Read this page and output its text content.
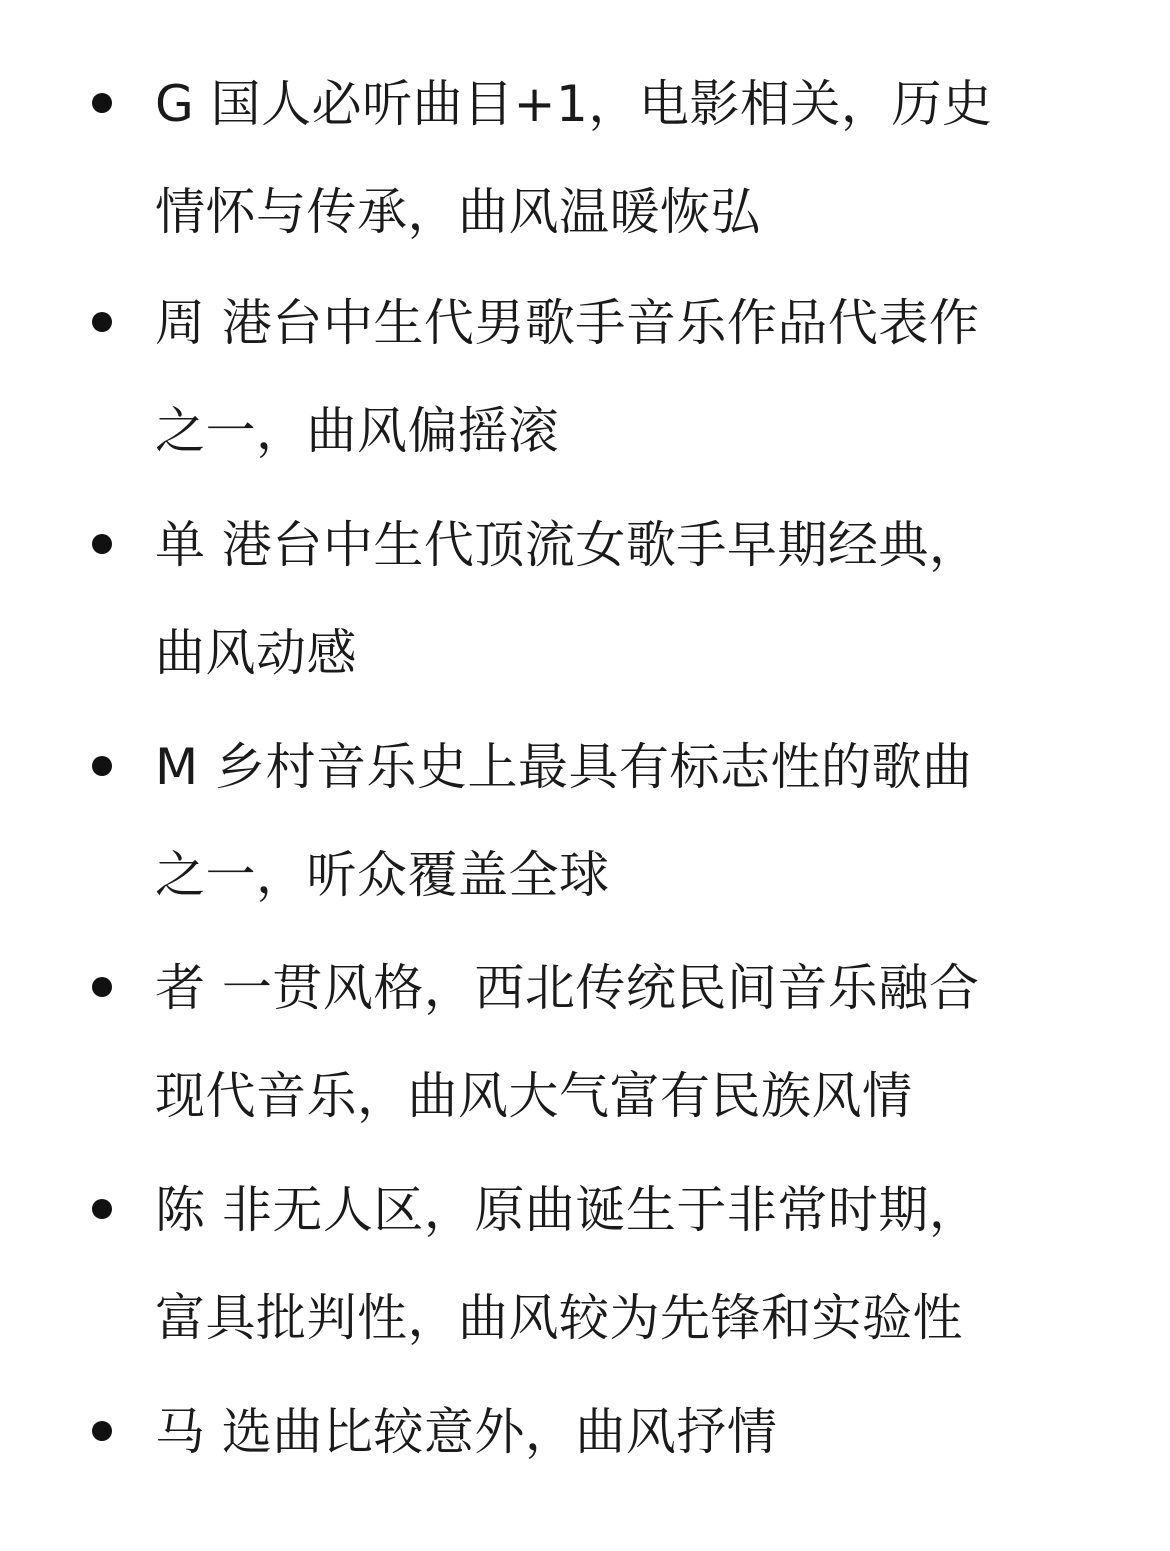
G 国人必听曲目+1，电影相关，历史
情怀与传承，曲风温暖恢弘
周 港台中生代男歌手音乐作品代表作
之一，曲风偏摇滚
单 港台中生代顶流女歌手早期经典，
曲风动感
M 乡村音乐史上最具有标志性的歌曲
之一，听众覆盖全球
者 一贯风格，西北传统民间音乐融合
现代音乐，曲风大气富有民族风情
陈 非无人区，原曲诞生于非常时期，
富具批判性，曲风较为先锋和实验性
马 选曲比较意外，曲风抒情
